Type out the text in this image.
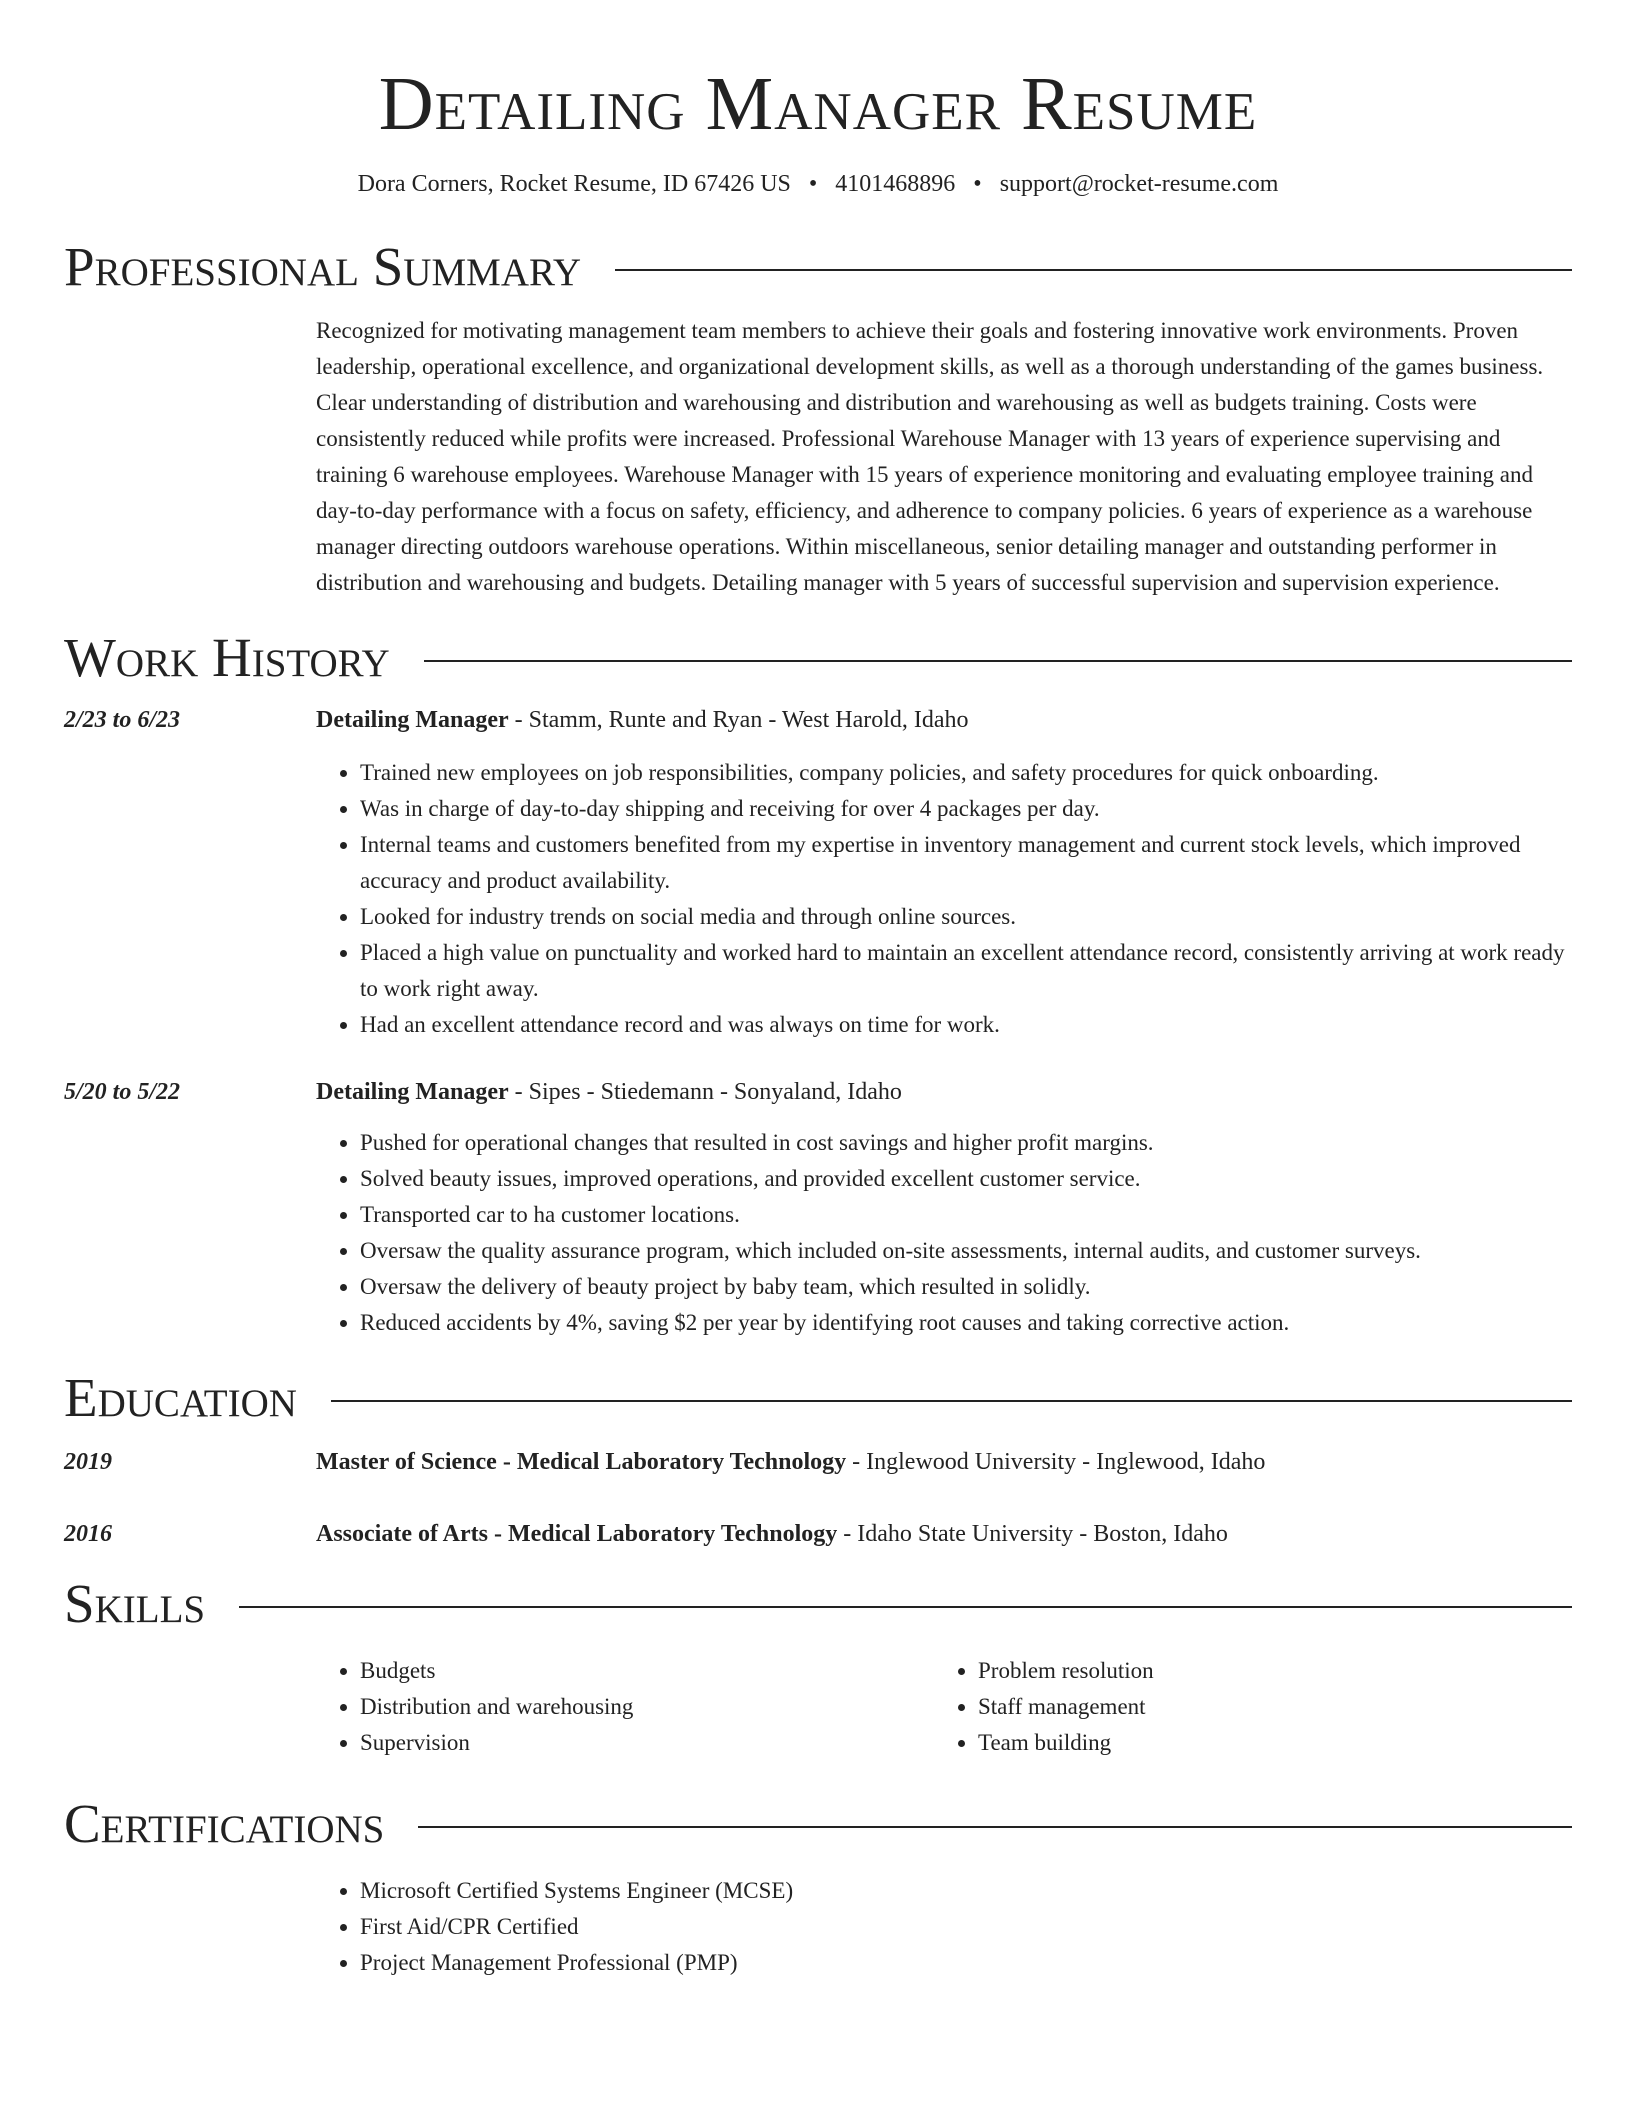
Detailing Manager Resume
Dora Corners, Rocket Resume, ID 67426 US • 4101468896 • support@rocket-resume.com
Professional Summary
Recognized for motivating management team members to achieve their goals and fostering innovative work environments. Proven leadership, operational excellence, and organizational development skills, as well as a thorough understanding of the games business. Clear understanding of distribution and warehousing and distribution and warehousing as well as budgets training. Costs were consistently reduced while profits were increased. Professional Warehouse Manager with 13 years of experience supervising and training 6 warehouse employees. Warehouse Manager with 15 years of experience monitoring and evaluating employee training and day-to-day performance with a focus on safety, efficiency, and adherence to company policies. 6 years of experience as a warehouse manager directing outdoors warehouse operations. Within miscellaneous, senior detailing manager and outstanding performer in distribution and warehousing and budgets. Detailing manager with 5 years of successful supervision and supervision experience.
Work History
2/23 to 6/23	Detailing Manager - Stamm, Runte and Ryan - West Harold, Idaho
• Trained new employees on job responsibilities, company policies, and safety procedures for quick onboarding.
• Was in charge of day-to-day shipping and receiving for over 4 packages per day.
• Internal teams and customers benefited from my expertise in inventory management and current stock levels, which improved accuracy and product availability.
• Looked for industry trends on social media and through online sources.
• Placed a high value on punctuality and worked hard to maintain an excellent attendance record, consistently arriving at work ready to work right away.
• Had an excellent attendance record and was always on time for work.
5/20 to 5/22	Detailing Manager - Sipes - Stiedemann - Sonyaland, Idaho
• Pushed for operational changes that resulted in cost savings and higher profit margins.
• Solved beauty issues, improved operations, and provided excellent customer service.
• Transported car to ha customer locations.
• Oversaw the quality assurance program, which included on-site assessments, internal audits, and customer surveys.
• Oversaw the delivery of beauty project by baby team, which resulted in solidly.
• Reduced accidents by 4%, saving $2 per year by identifying root causes and taking corrective action.
Education
2019	Master of Science - Medical Laboratory Technology - Inglewood University - Inglewood, Idaho
2016	Associate of Arts - Medical Laboratory Technology - Idaho State University - Boston, Idaho
Skills
• Budgets
• Distribution and warehousing
• Supervision
• Problem resolution
• Staff management
• Team building
Certifications
• Microsoft Certified Systems Engineer (MCSE)
• First Aid/CPR Certified
• Project Management Professional (PMP)
